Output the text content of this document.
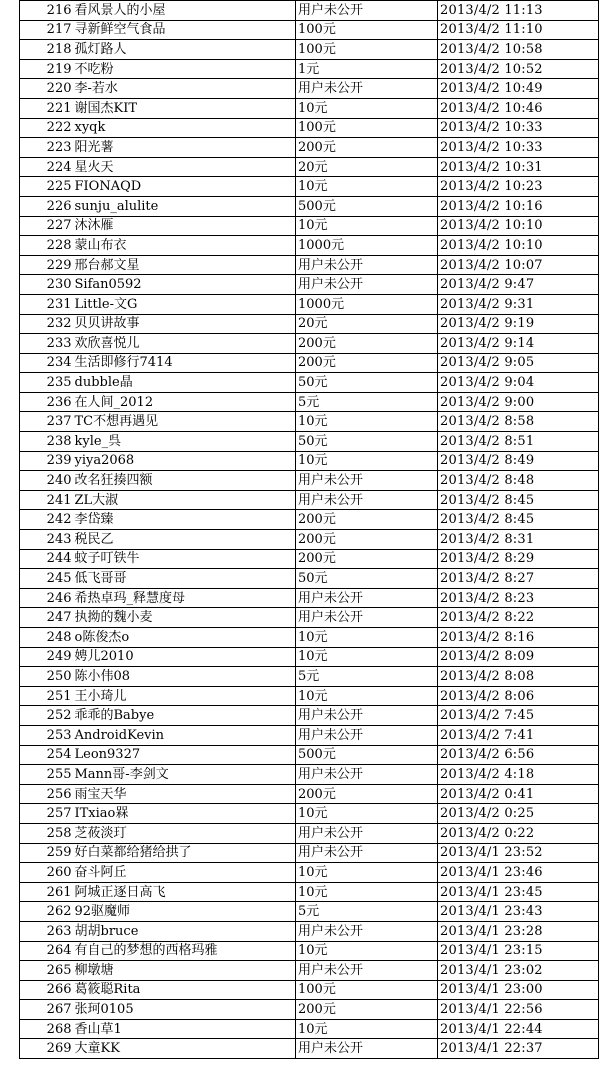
216	看风景人的小屋	用户未公开	2013/4/2 11:13
217	寻新鲜空气食品	100元	2013/4/2 11:10
218	孤灯路人	100元	2013/4/2 10:58
219	不吃粉	1元	2013/4/2 10:52
220	李-若水	用户未公开	2013/4/2 10:49
221	谢国杰KIT	10元	2013/4/2 10:46
222	xyqk	100元	2013/4/2 10:33
223	阳光薯	200元	2013/4/2 10:33
224	星火天	20元	2013/4/2 10:31
225	FIONAQD	10元	2013/4/2 10:23
226	sunju_alulite	500元	2013/4/2 10:16
227	沐沐雁	10元	2013/4/2 10:10
228	蒙山布衣	1000元	2013/4/2 10:10
229	邢台郝文星	用户未公开	2013/4/2 10:07
230	Sifan0592	用户未公开	2013/4/2 9:47
231	Little-文G	1000元	2013/4/2 9:31
232	贝贝讲故事	20元	2013/4/2 9:19
233	欢欣喜悦儿	200元	2013/4/2 9:14
234	生活即修行7414	200元	2013/4/2 9:05
235	dubble晶	50元	2013/4/2 9:04
236	在人间_2012	5元	2013/4/2 9:00
237	TC不想再遇见	10元	2013/4/2 8:58
238	kyle_呉	50元	2013/4/2 8:51
239	yiya2068	10元	2013/4/2 8:49
240	改名狂揍四额	用户未公开	2013/4/2 8:48
241	ZL大淑	用户未公开	2013/4/2 8:45
242	李岱臻	200元	2013/4/2 8:45
243	税民乙	200元	2013/4/2 8:31
244	蚊子叮铁牛	200元	2013/4/2 8:29
245	低飞哥哥	50元	2013/4/2 8:27
246	希热卓玛_释慧度母	用户未公开	2013/4/2 8:23
247	执拗的魏小麦	用户未公开	2013/4/2 8:22
248	o陈俊杰o	10元	2013/4/2 8:16
249	娉儿2010	10元	2013/4/2 8:09
250	陈小伟08	5元	2013/4/2 8:08
251	王小琦儿	10元	2013/4/2 8:06
252	乖乖的Babye	用户未公开	2013/4/2 7:45
253	AndroidKevin	用户未公开	2013/4/2 7:41
254	Leon9327	500元	2013/4/2 6:56
255	Mann哥-李剑文	用户未公开	2013/4/2 4:18
256	雨宝天华	200元	2013/4/2 0:41
257	ITxiao槑	10元	2013/4/2 0:25
258	芝莜淡玎	用户未公开	2013/4/2 0:22
259	好白菜都给猪给拱了	用户未公开	2013/4/1 23:52
260	奋斗阿丘	10元	2013/4/1 23:46
261	阿城正逐日高飞	10元	2013/4/1 23:45
262	92驱魔师	5元	2013/4/1 23:43
263	胡胡bruce	用户未公开	2013/4/1 23:28
264	有自己的梦想的西格玛雅	10元	2013/4/1 23:15
265	柳墩塘	用户未公开	2013/4/1 23:02
266	葛筱聪Rita	100元	2013/4/1 23:00
267	张珂0105	200元	2013/4/1 22:56
268	香山草1	10元	2013/4/1 22:44
269	大童KK	用户未公开	2013/4/1 22:37
